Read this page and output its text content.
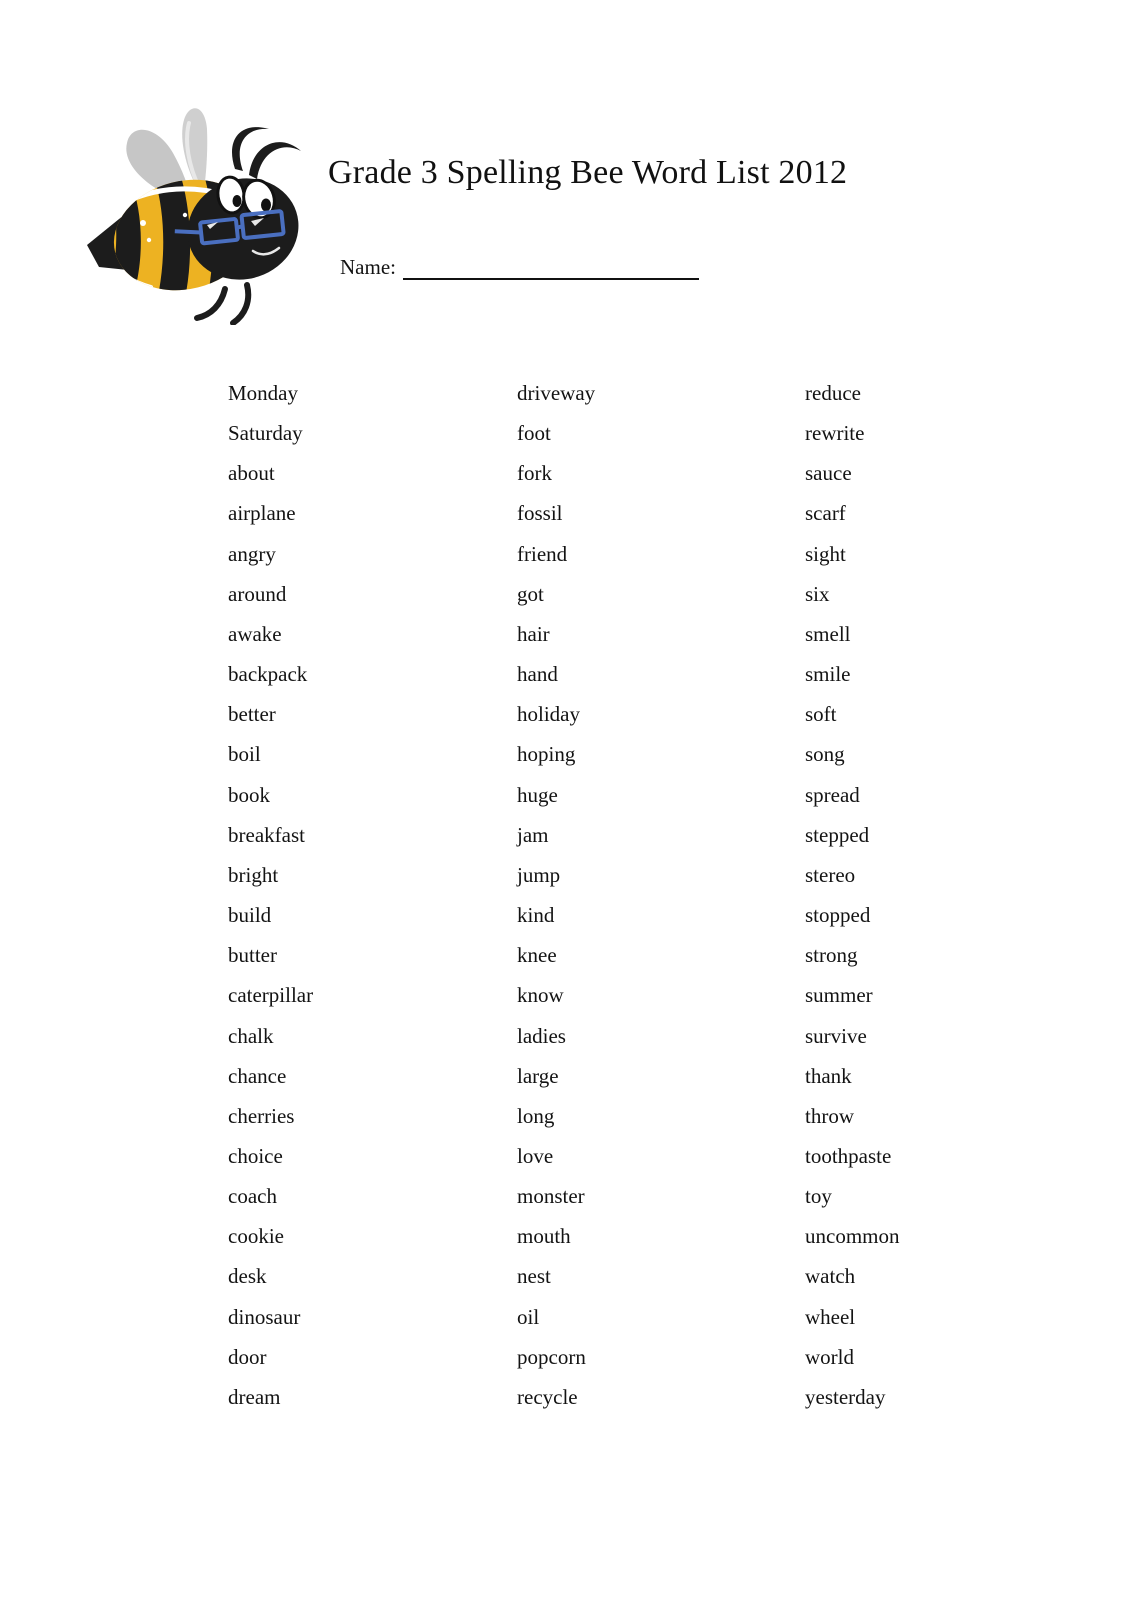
Grade 3 Spelling Bee Word List 2012
Name:
Monday
Saturday
about
airplane
angry
around
awake
backpack
better
boil
book
breakfast
bright
build
butter
caterpillar
chalk
chance
cherries
choice
coach
cookie
desk
dinosaur
door
dream
driveway
foot
fork
fossil
friend
got
hair
hand
holiday
hoping
huge
jam
jump
kind
knee
know
ladies
large
long
love
monster
mouth
nest
oil
popcorn
recycle
reduce
rewrite
sauce
scarf
sight
six
smell
smile
soft
song
spread
stepped
stereo
stopped
strong
summer
survive
thank
throw
toothpaste
toy
uncommon
watch
wheel
world
yesterday
